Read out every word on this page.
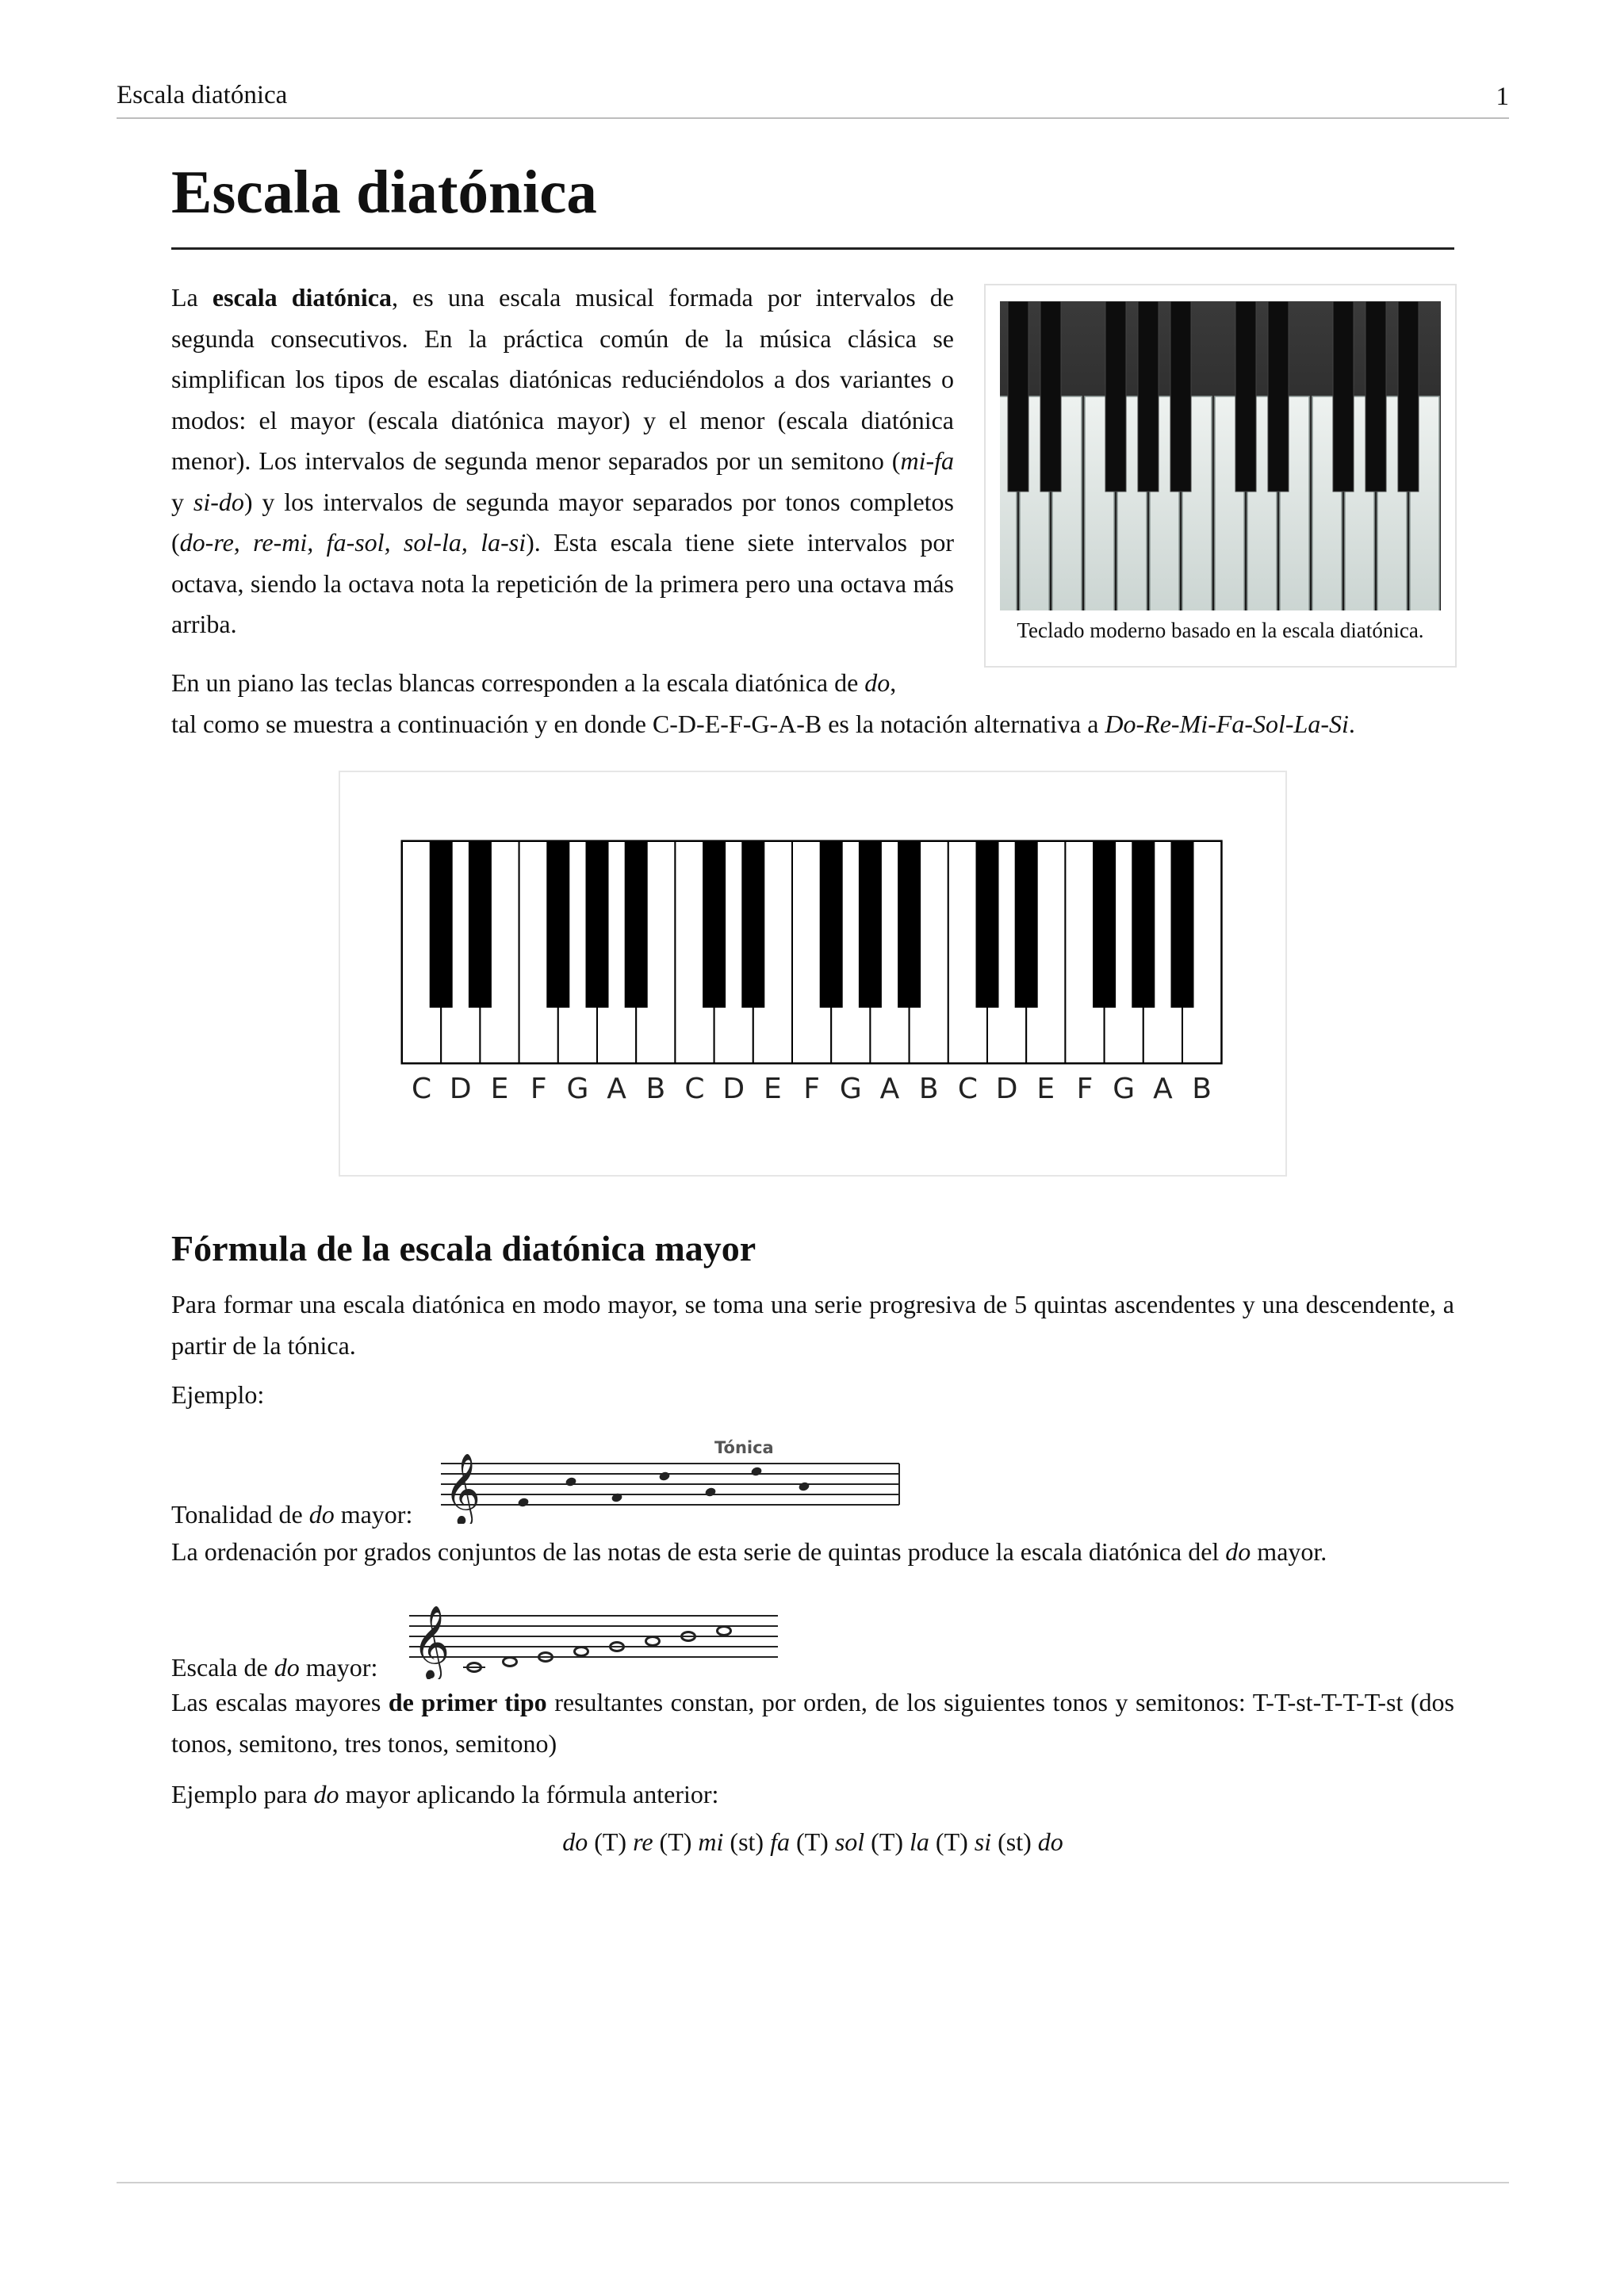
Escala diatónica	1
Escala diatónica

La escala diatónica, es una escala musical formada por intervalos de segunda consecutivos. En la práctica común de la música clásica se simplifican los tipos de escalas diatónicas reduciéndolos a dos variantes o modos: el mayor (escala diatónica mayor) y el menor (escala diatónica menor). Los intervalos de segunda menor separados por un semitono (mi-fa y si-do) y los intervalos de segunda mayor separados por tonos completos (do-re, re-mi, fa-sol, sol-la, la-si). Esta escala tiene siete intervalos por octava, siendo la octava nota la repetición de la primera pero una octava más arriba.	Teclado moderno basado en la escala diatónica.

En un piano las teclas blancas corresponden a la escala diatónica de do,
tal como se muestra a continuación y en donde C-D-E-F-G-A-B es la notación alternativa a Do-Re-Mi-Fa-Sol-La-Si.

C D E F G A B C D E F G A B C D E F G A B
Fórmula de la escala diatónica mayor

Para formar una escala diatónica en modo mayor, se toma una serie progresiva de 5 quintas ascendentes y una descendente, a partir de la tónica.

Ejemplo:

Tonalidad de do mayor: 𝄞
Tónica

La ordenación por grados conjuntos de las notas de esta serie de quintas produce la escala diatónica del do mayor.

Escala de do mayor: 𝄞

Las escalas mayores de primer tipo resultantes constan, por orden, de los siguientes tonos y semitonos: T-T-st-T-T-T-st (dos tonos, semitono, tres tonos, semitono)

Ejemplo para do mayor aplicando la fórmula anterior:

do (T) re (T) mi (st) fa (T) sol (T) la (T) si (st) do
